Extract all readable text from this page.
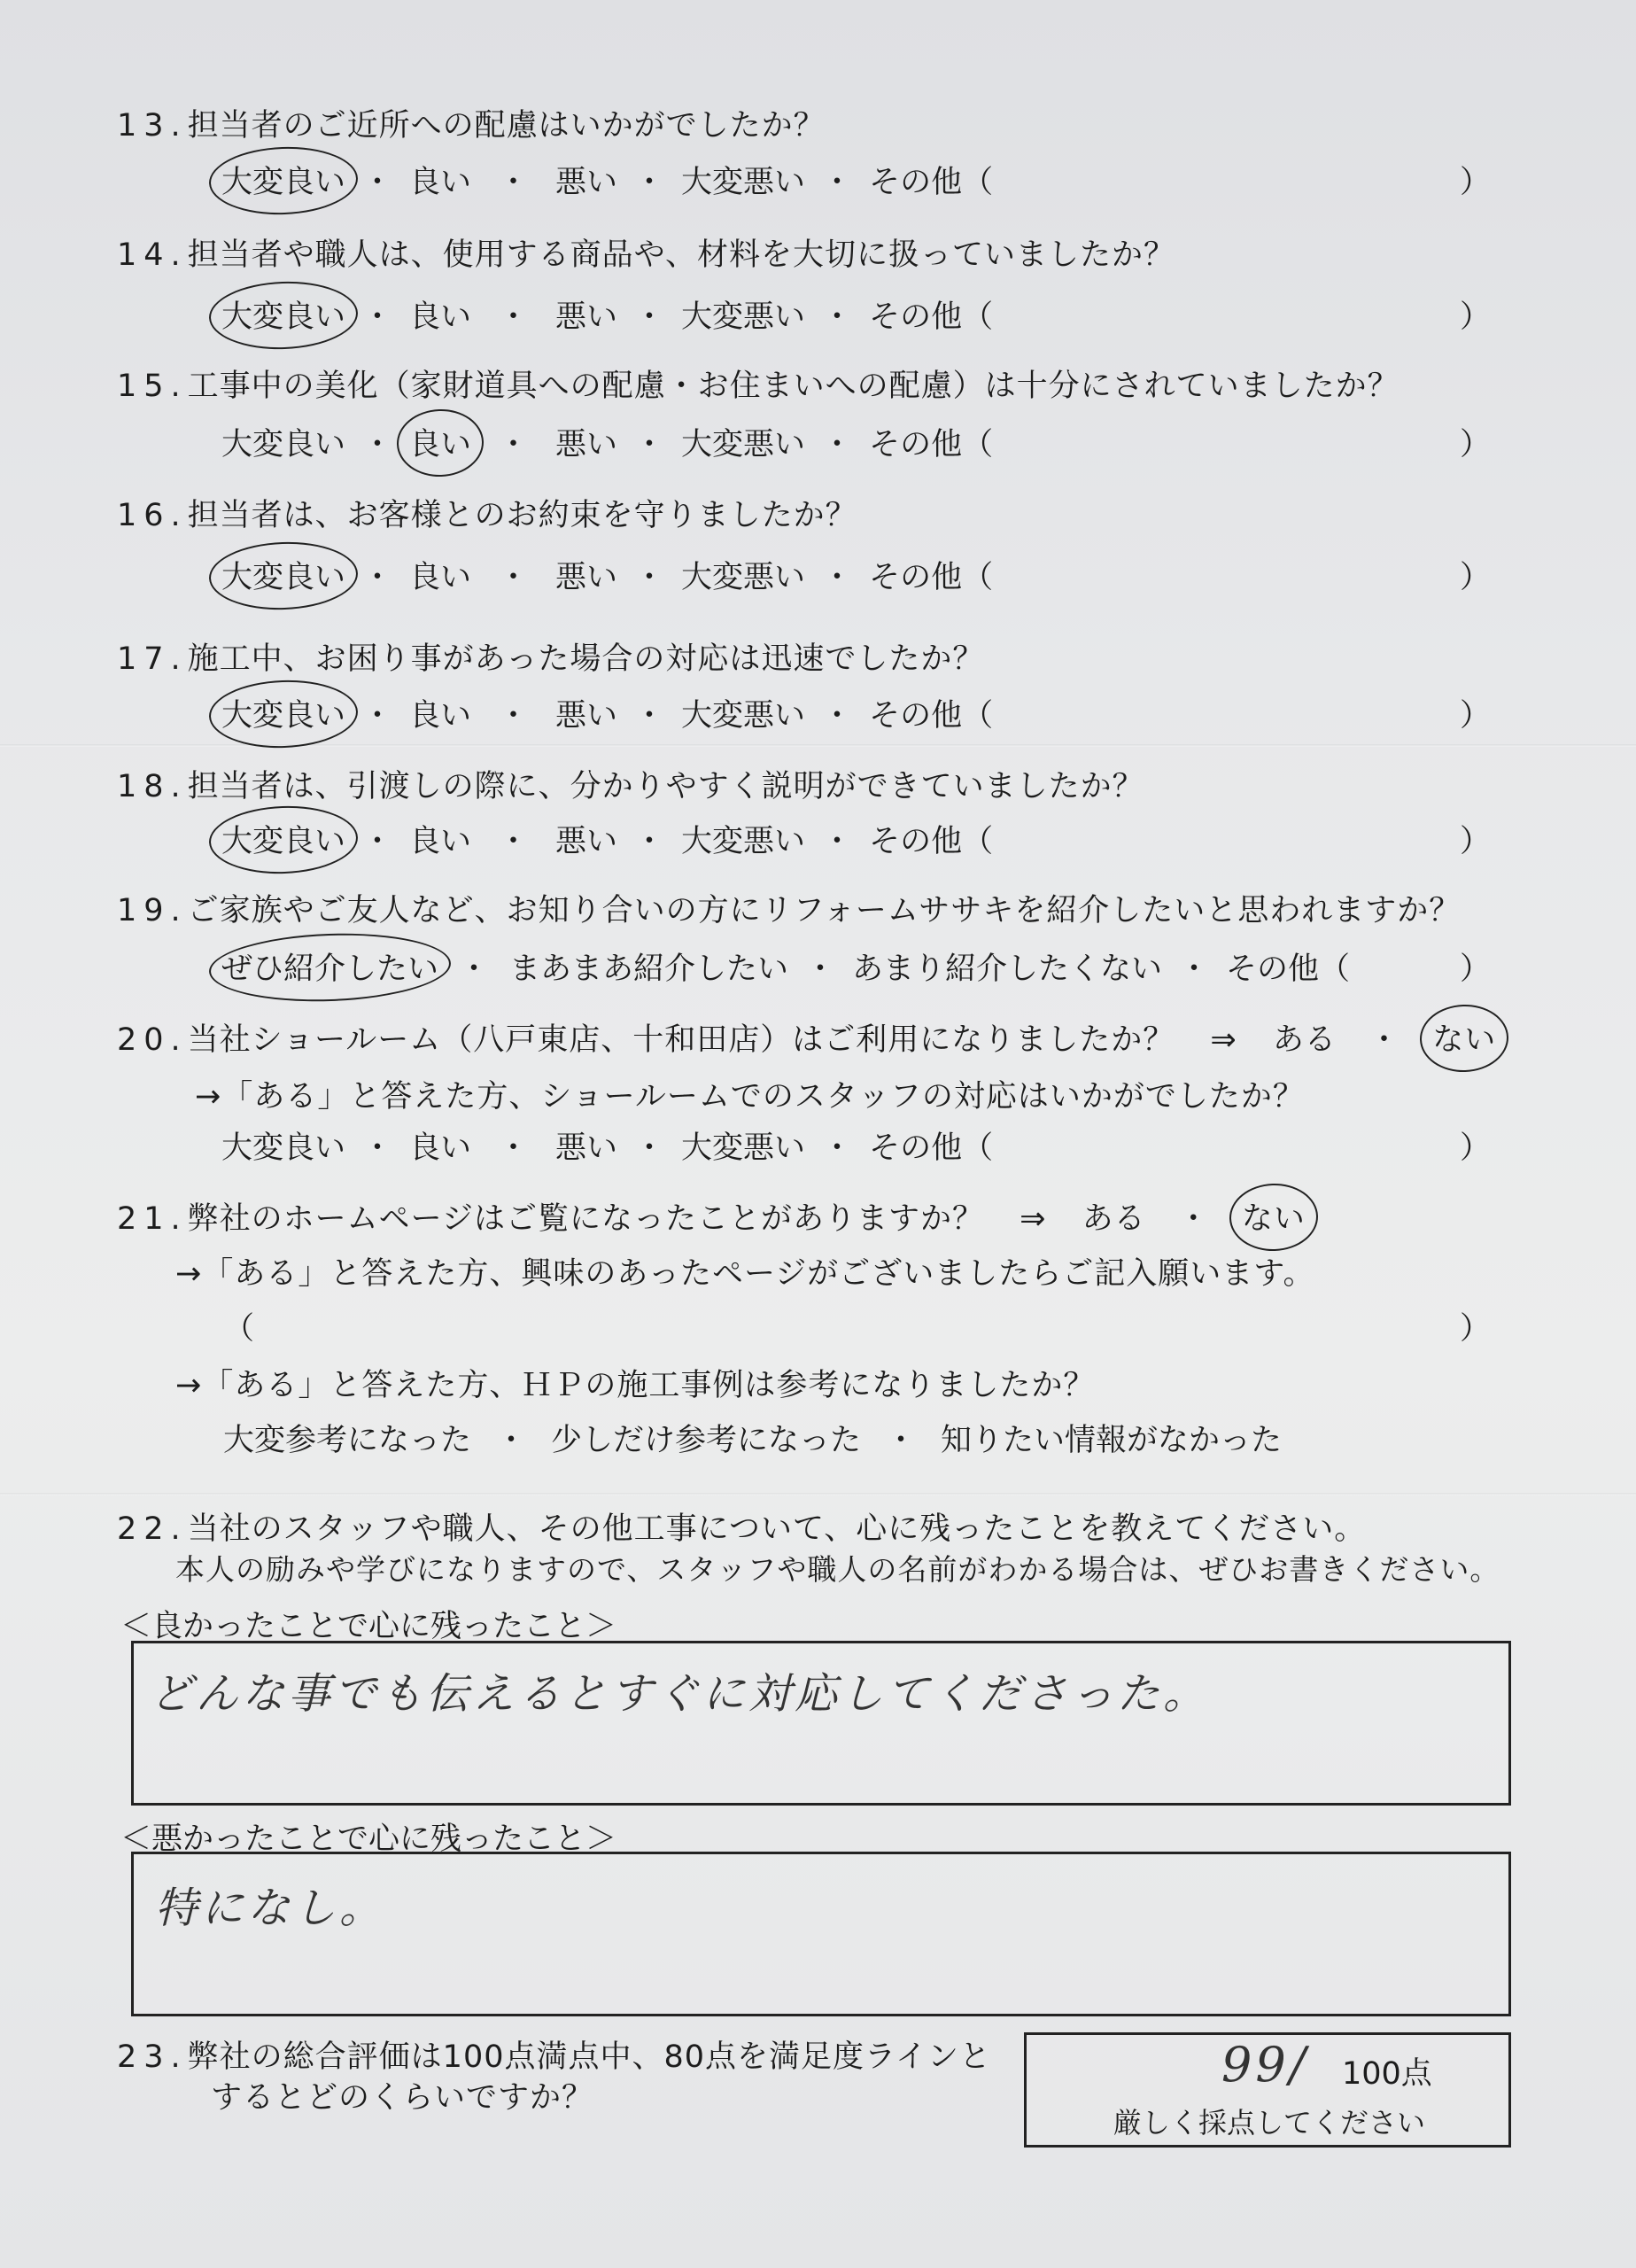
13.担当者のご近所への配慮はいかがでしたか？
大変良い ・ 良い ・ 悪い ・ 大変悪い ・ その他（	）
14.担当者や職人は、使用する商品や、材料を大切に扱っていましたか？
大変良い ・ 良い ・ 悪い ・ 大変悪い ・ その他（	）
15.工事中の美化（家財道具への配慮・お住まいへの配慮）は十分にされていましたか？
大変良い ・ 良い ・ 悪い ・ 大変悪い ・ その他（	）
16.担当者は、お客様とのお約束を守りましたか？
大変良い ・ 良い ・ 悪い ・ 大変悪い ・ その他（	）
17.施工中、お困り事があった場合の対応は迅速でしたか？
大変良い ・ 良い ・ 悪い ・ 大変悪い ・ その他（	）
18.担当者は、引渡しの際に、分かりやすく説明ができていましたか？
大変良い ・ 良い ・ 悪い ・ 大変悪い ・ その他（	）
19.ご家族やご友人など、お知り合いの方にリフォームササキを紹介したいと思われますか？
ぜひ紹介したい ・ まあまあ紹介したい ・ あまり紹介したくない ・ その他（	）
20.当社ショールーム（八戸東店、十和田店）はご利用になりましたか？ ⇒ ある ・ ない
→「ある」と答えた方、ショールームでのスタッフの対応はいかがでしたか？
大変良い ・ 良い ・ 悪い ・ 大変悪い ・ その他（	）
21.弊社のホームページはご覧になったことがありますか？ ⇒ ある ・ ない
→「ある」と答えた方、興味のあったページがございましたらご記入願います。
（	）
→「ある」と答えた方、ＨＰの施工事例は参考になりましたか？
大変参考になった ・ 少しだけ参考になった ・ 知りたい情報がなかった
22.当社のスタッフや職人、その他工事について、心に残ったことを教えてください。
本人の励みや学びになりますので、スタッフや職人の名前がわかる場合は、ぜひお書きください。
＜良かったことで心に残ったこと＞
どんな事でも伝えるとすぐに対応してくださった。
＜悪かったことで心に残ったこと＞
特になし。
23.弊社の総合評価は100点満点中、80点を満足度ラインと
するとどのくらいですか？
99/ 100点
厳しく採点してください
